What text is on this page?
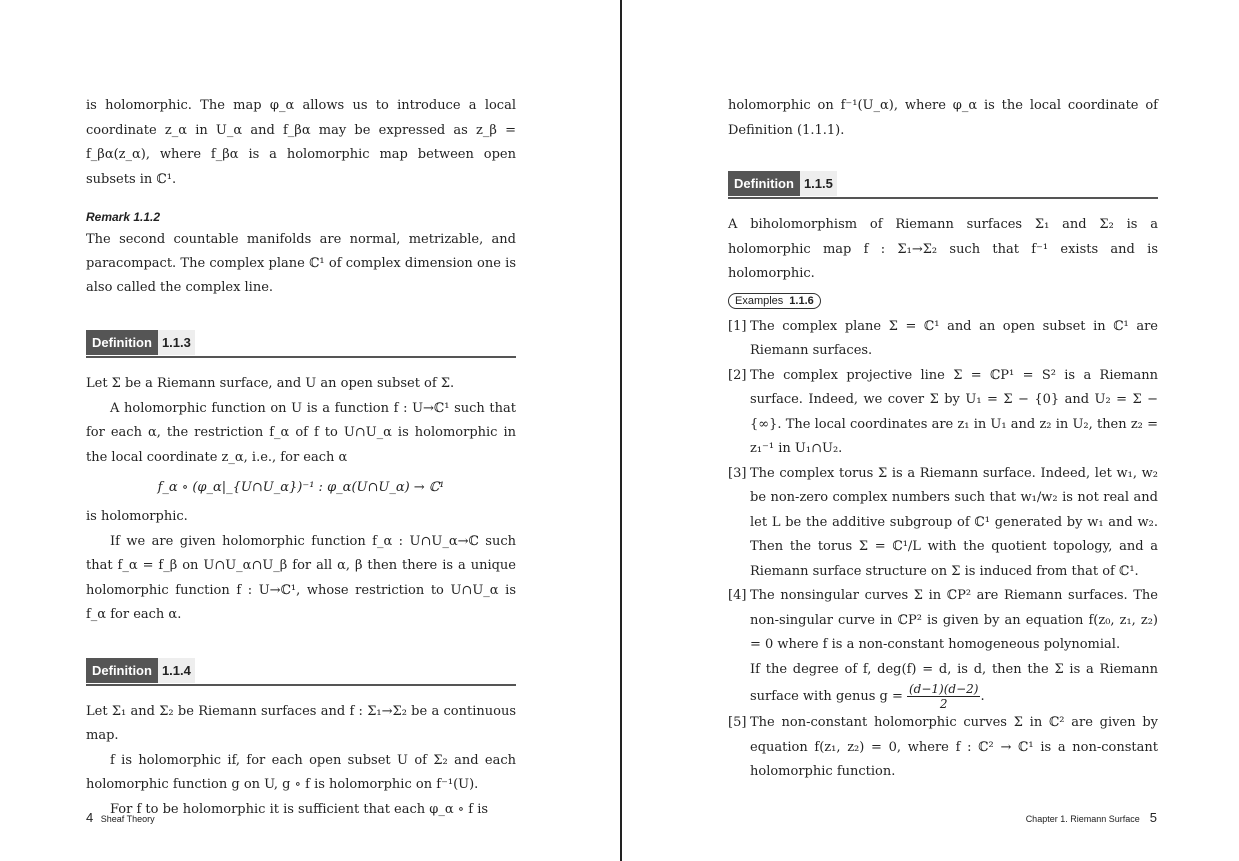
is holomorphic. The map φ_α allows us to introduce a local coordinate z_α in U_α and f_βα may be expressed as z_β = f_βα(z_α), where f_βα is a holomorphic map between open subsets in ℂ¹.

Remark 1.1.2

The second countable manifolds are normal, metrizable, and paracompact. The complex plane ℂ¹ of complex dimension one is also called the complex line.

Definition 1.1.3

Let Σ be a Riemann surface, and U an open subset of Σ.

A holomorphic function on U is a function f : U→ℂ¹ such that for each α, the restriction f_α of f to U∩U_α is holomorphic in the local coordinate z_α, i.e., for each α

f_α ∘ (φ_α|_{U∩U_α})⁻¹ : φ_α(U∩U_α) → ℂ¹

is holomorphic.

If we are given holomorphic function f_α : U∩U_α→ℂ such that f_α = f_β on U∩U_α∩U_β for all α, β then there is a unique holomorphic function f : U→ℂ¹, whose restriction to U∩U_α is f_α for each α.

Definition 1.1.4

Let Σ₁ and Σ₂ be Riemann surfaces and f : Σ₁→Σ₂ be a continuous map.

f is holomorphic if, for each open subset U of Σ₂ and each holomorphic function g on U, g ∘ f is holomorphic on f⁻¹(U).

For f to be holomorphic it is sufficient that each φ_α ∘ f is

4 Sheaf Theory

holomorphic on f⁻¹(U_α), where φ_α is the local coordinate of Definition (1.1.1).

Definition 1.1.5

A biholomorphism of Riemann surfaces Σ₁ and Σ₂ is a holomorphic map f : Σ₁→Σ₂ such that f⁻¹ exists and is holomorphic.

Examples 1.1.6
[1] The complex plane Σ = ℂ¹ and an open subset in ℂ¹ are Riemann surfaces.

[2] The complex projective line Σ = ℂP¹ = S² is a Riemann surface. Indeed, we cover Σ by U₁ = Σ − {0} and U₂ = Σ − {∞}. The local coordinates are z₁ in U₁ and z₂ in U₂, then z₂ = z₁⁻¹ in U₁∩U₂.

[3] The complex torus Σ is a Riemann surface. Indeed, let w₁, w₂ be non-zero complex numbers such that w₁/w₂ is not real and let L be the additive subgroup of ℂ¹ generated by w₁ and w₂. Then the torus Σ = ℂ¹/L with the quotient topology, and a Riemann surface structure on Σ is induced from that of ℂ¹.

[4] The nonsingular curves Σ in ℂP² are Riemann surfaces. The non-singular curve in ℂP² is given by an equation f(z₀, z₁, z₂) = 0 where f is a non-constant homogeneous polynomial.

If the degree of f, deg(f) = d, is d, then the Σ is a Riemann surface with genus $g = \frac{(d-1)(d-2)}{2}$ .

[5] The non-constant holomorphic curves Σ in ℂ² are given by equation f(z₁, z₂) = 0, where f : ℂ² → ℂ¹ is a non-constant holomorphic function.

Chapter 1. Riemann Surface 5
